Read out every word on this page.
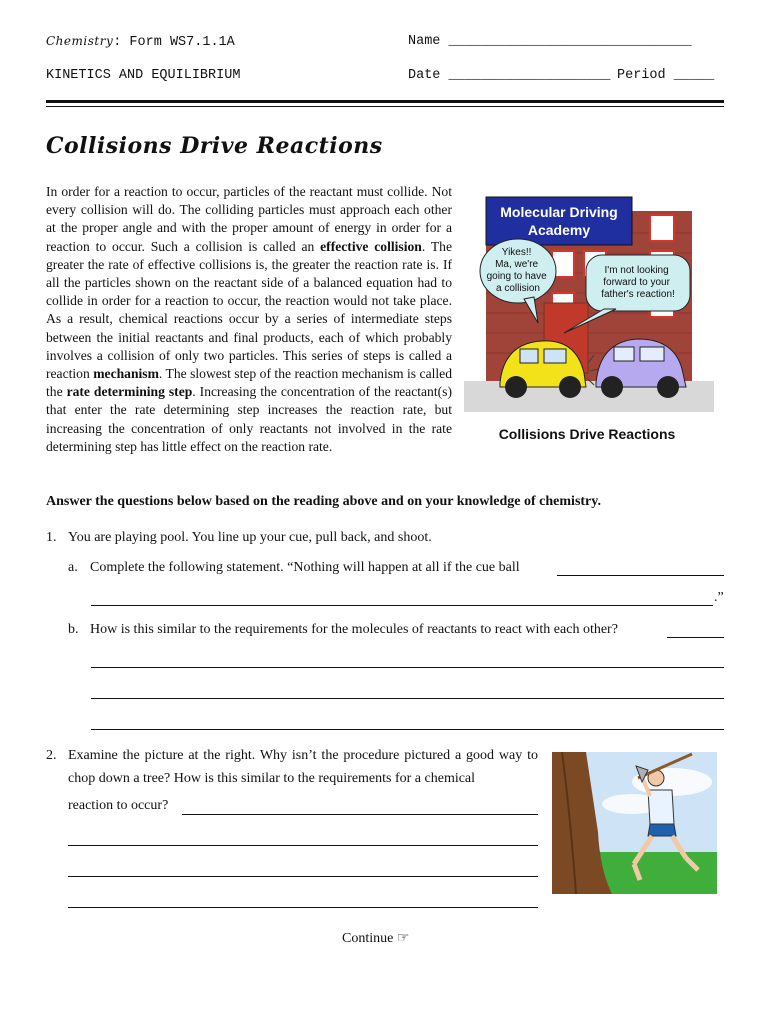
Chemistry: Form WS7.1.1A
KINETICS AND EQUILIBRIUM
Name ______________________________
Date ____________________ Period _____
Collisions Drive Reactions
In order for a reaction to occur, particles of the reactant must collide. Not every collision will do. The colliding particles must approach each other at the proper angle and with the proper amount of energy in order for a reaction to occur. Such a collision is called an effective collision. The greater the rate of effective collisions is, the greater the reaction rate is. If all the particles shown on the reactant side of a balanced equation had to collide in order for a reaction to occur, the reaction would not take place. As a result, chemical reactions occur by a series of intermediate steps between the initial reactants and final products, each of which probably involves a collision of only two particles. This series of steps is called a reaction mechanism. The slowest step of the reaction mechanism is called the rate determining step. Increasing the concentration of the reactant(s) that enter the rate determining step increases the reaction rate, but increasing the concentration of only reactants not involved in the rate determining step has little effect on the reaction rate.
Molecular Driving
Academy
Yikes!! Ma, we're going to have a collision
I'm not looking forward to your father's reaction!
Collisions Drive Reactions
Answer the questions below based on the reading above and on your knowledge of chemistry.
1. You are playing pool. You line up your cue, pull back, and shoot.
a. Complete the following statement. “Nothing will happen at all if the cue ball
.”
b. How is this similar to the requirements for the molecules of reactants to react with each other?
2. Examine the picture at the right. Why isn’t the procedure pictured a good way to chop down a tree? How is this similar to the requirements for a chemical
reaction to occur?
Continue ☞
